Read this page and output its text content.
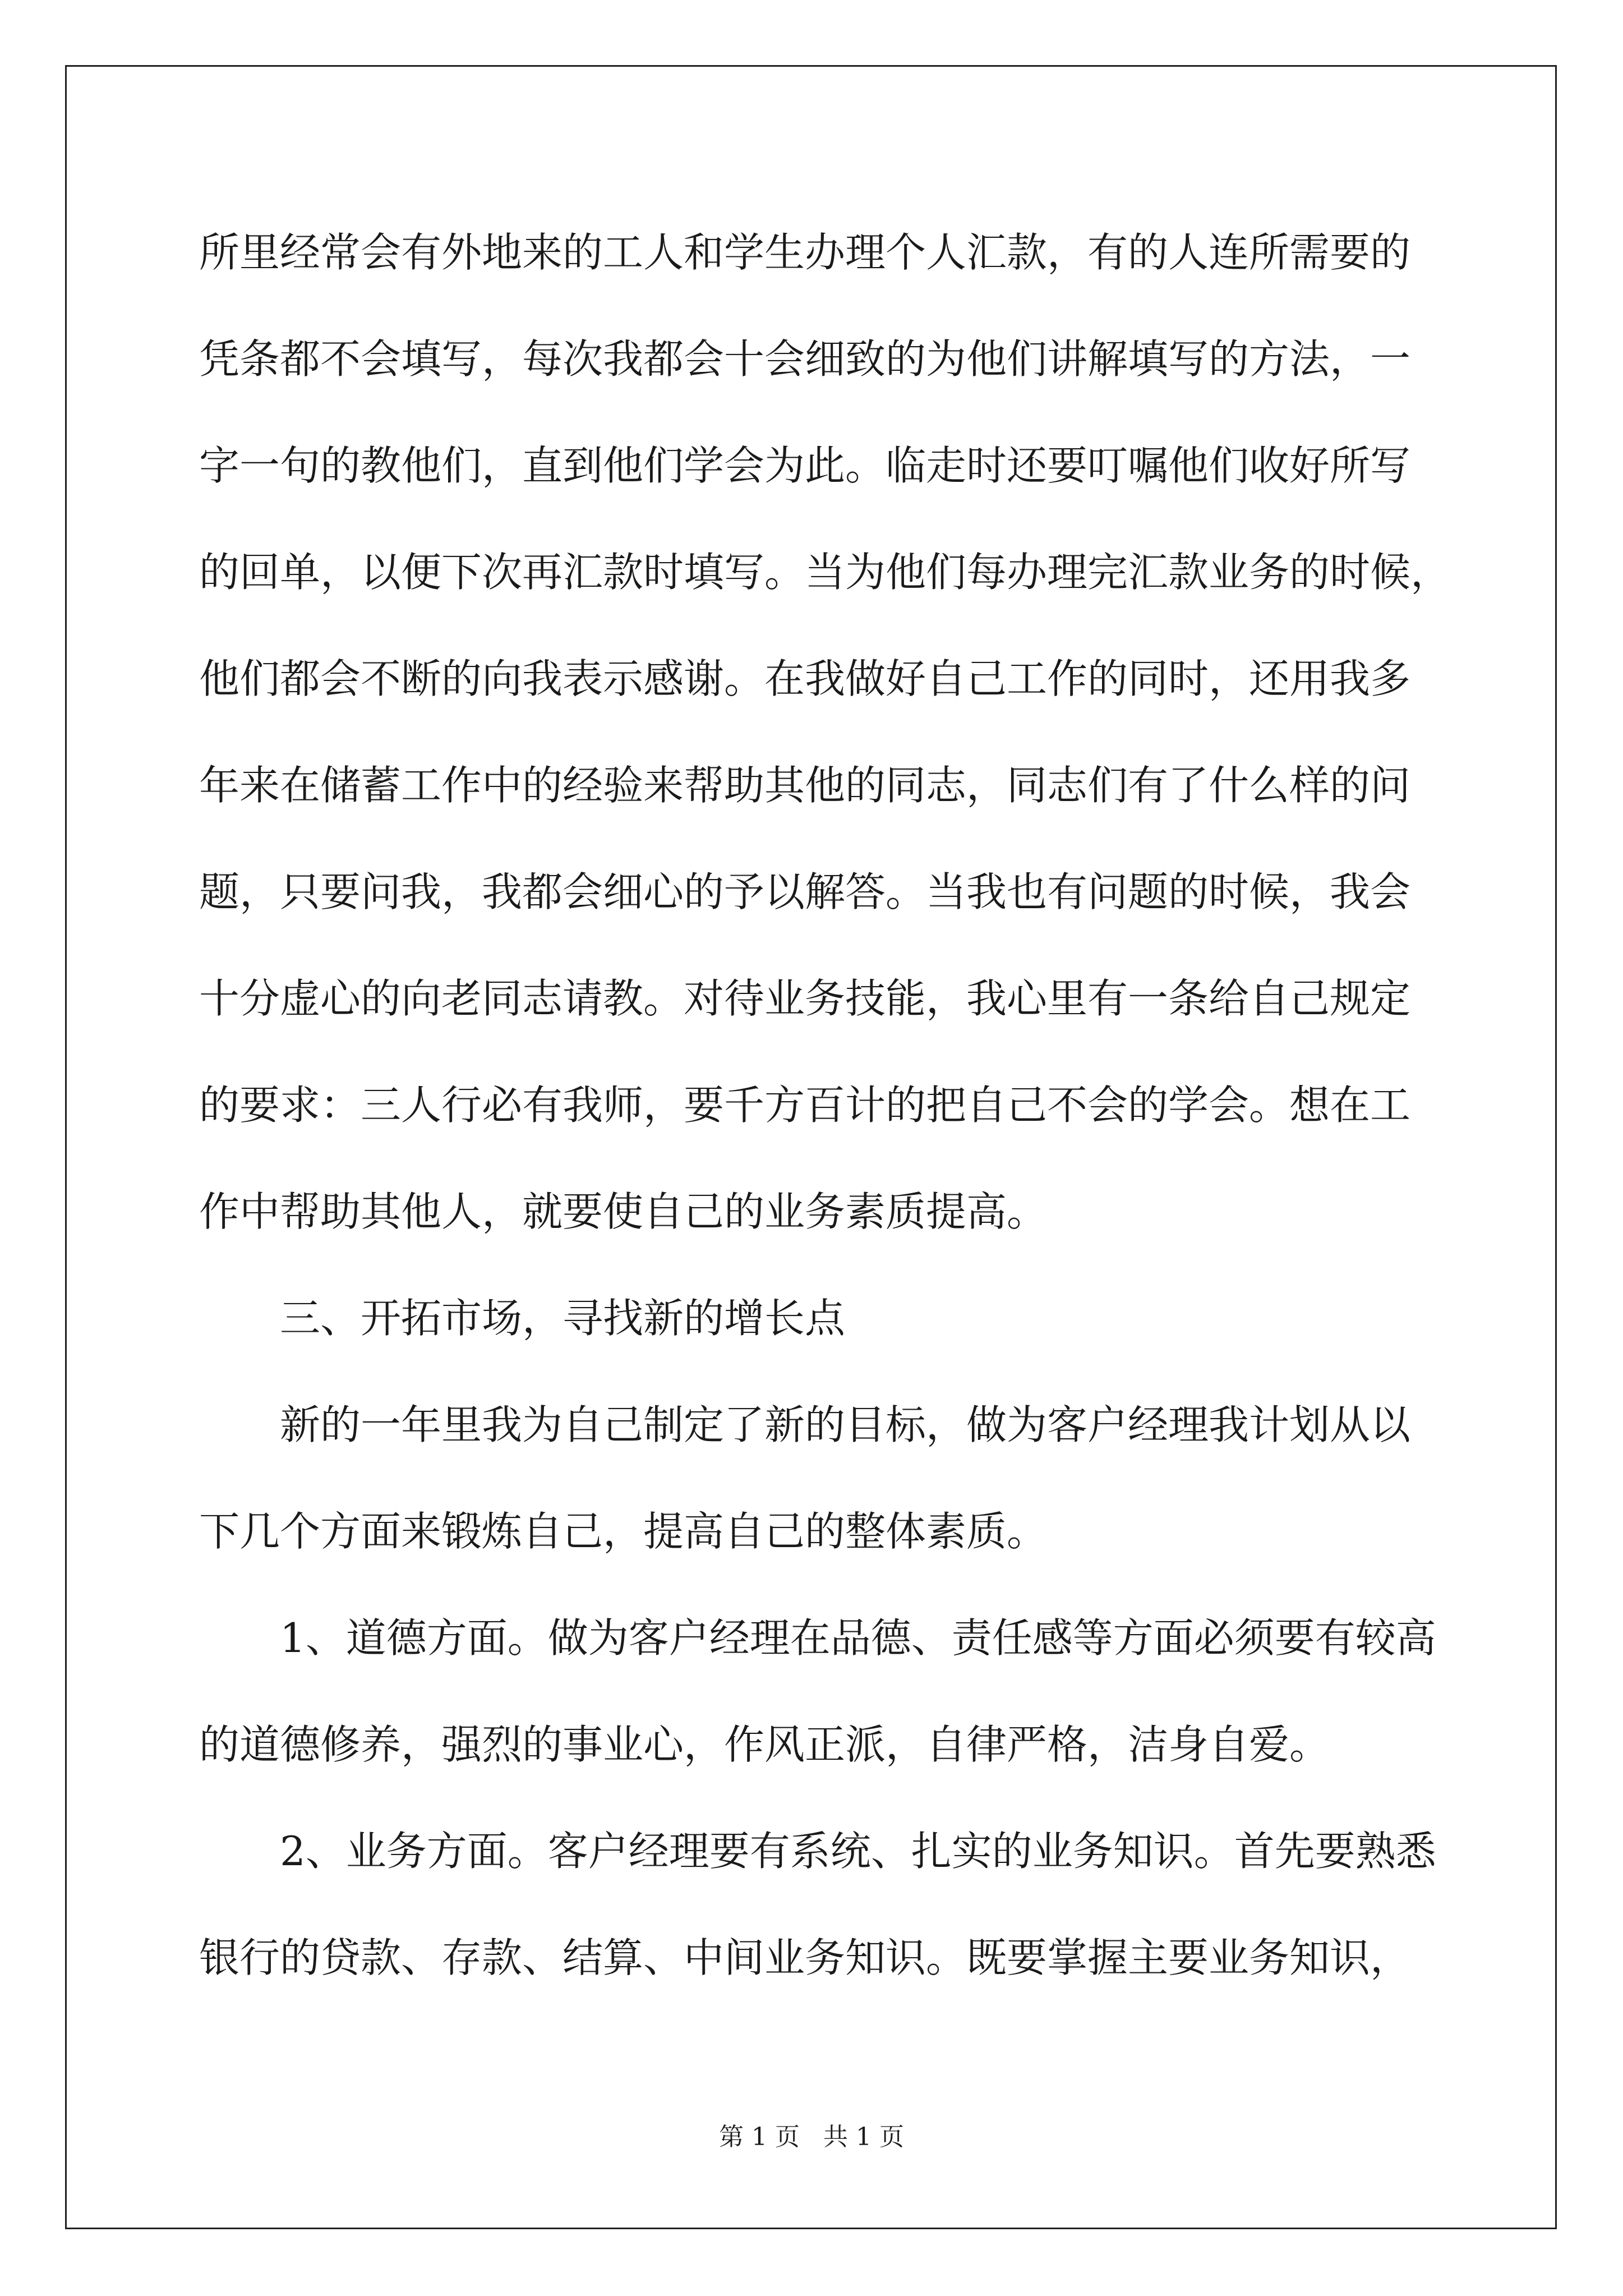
所里经常会有外地来的工人和学生办理个人汇款，有的人连所需要的
凭条都不会填写，每次我都会十会细致的为他们讲解填写的方法，一
字一句的教他们，直到他们学会为此。临走时还要叮嘱他们收好所写
的回单，以便下次再汇款时填写。当为他们每办理完汇款业务的时候，
他们都会不断的向我表示感谢。在我做好自己工作的同时，还用我多
年来在储蓄工作中的经验来帮助其他的同志，同志们有了什么样的问
题，只要问我，我都会细心的予以解答。当我也有问题的时候，我会
十分虚心的向老同志请教。对待业务技能，我心里有一条给自己规定
的要求：三人行必有我师，要千方百计的把自己不会的学会。想在工
作中帮助其他人，就要使自己的业务素质提高。
三、开拓市场，寻找新的增长点
新的一年里我为自己制定了新的目标，做为客户经理我计划从以
下几个方面来锻炼自己，提高自己的整体素质。
1、道德方面。做为客户经理在品德、责任感等方面必须要有较高
的道德修养，强烈的事业心，作风正派，自律严格，洁身自爱。
2、业务方面。客户经理要有系统、扎实的业务知识。首先要熟悉
银行的贷款、存款、结算、中间业务知识。既要掌握主要业务知识，
第 1 页 共 1 页
